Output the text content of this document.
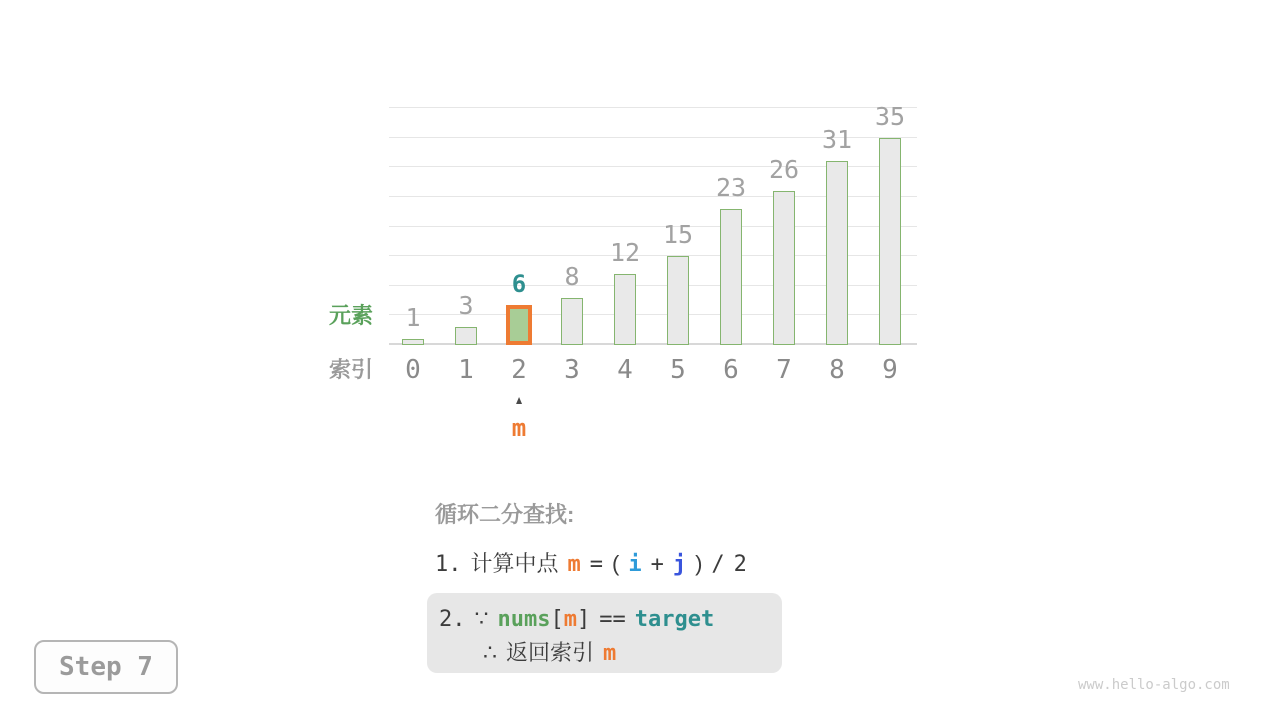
1	3
6	8
12
15
23
26
31
35
元素
索引	0	1	2	3	4	5	6	7	8	9
▲
m
循环二分查找:
1. 计算中点 m = ( i + j ) / 2
2. ∵ nums [ m ] == target
∴ 返回索引 m
Step 7
www.hello-algo.com
